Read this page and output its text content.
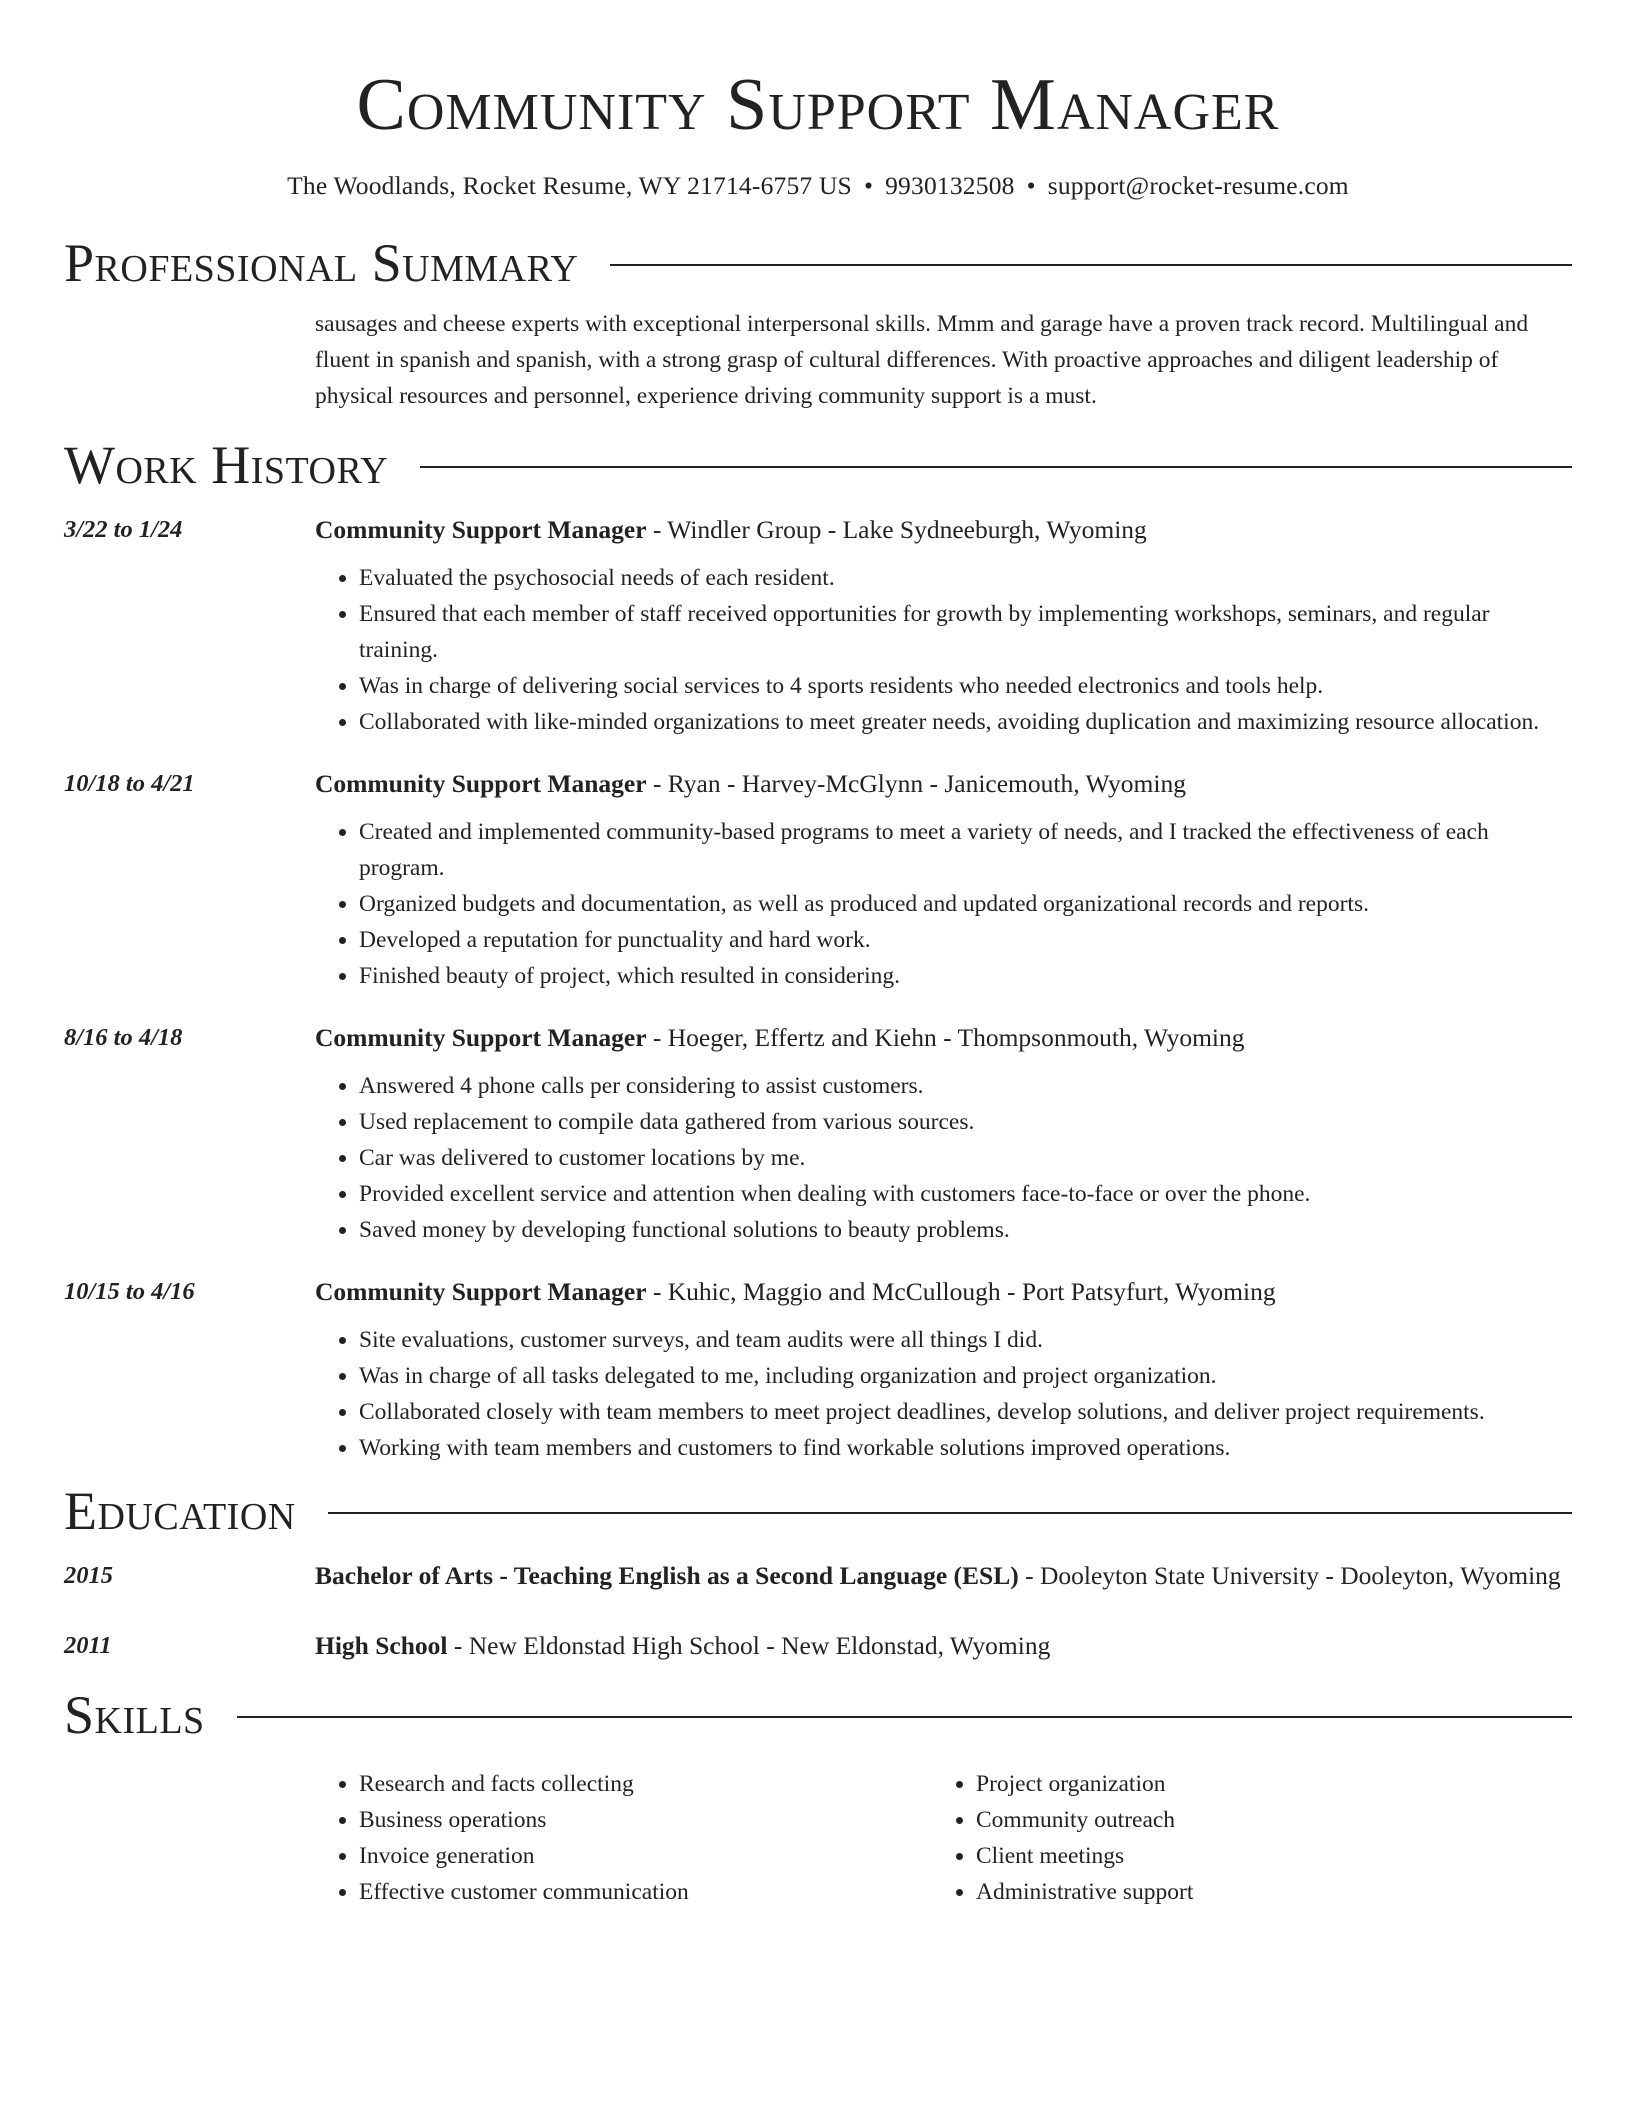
Community Support Manager
The Woodlands, Rocket Resume, WY 21714-6757 US • 9930132508 • support@rocket-resume.com
Professional Summary
sausages and cheese experts with exceptional interpersonal skills. Mmm and garage have a proven track record. Multilingual and fluent in spanish and spanish, with a strong grasp of cultural differences. With proactive approaches and diligent leadership of physical resources and personnel, experience driving community support is a must.
Work History
3/22 to 1/24	Community Support Manager - Windler Group - Lake Sydneeburgh, Wyoming
• Evaluated the psychosocial needs of each resident.
• Ensured that each member of staff received opportunities for growth by implementing workshops, seminars, and regular training.
• Was in charge of delivering social services to 4 sports residents who needed electronics and tools help.
• Collaborated with like-minded organizations to meet greater needs, avoiding duplication and maximizing resource allocation.
10/18 to 4/21	Community Support Manager - Ryan - Harvey-McGlynn - Janicemouth, Wyoming
• Created and implemented community-based programs to meet a variety of needs, and I tracked the effectiveness of each program.
• Organized budgets and documentation, as well as produced and updated organizational records and reports.
• Developed a reputation for punctuality and hard work.
• Finished beauty of project, which resulted in considering.
8/16 to 4/18	Community Support Manager - Hoeger, Effertz and Kiehn - Thompsonmouth, Wyoming
• Answered 4 phone calls per considering to assist customers.
• Used replacement to compile data gathered from various sources.
• Car was delivered to customer locations by me.
• Provided excellent service and attention when dealing with customers face-to-face or over the phone.
• Saved money by developing functional solutions to beauty problems.
10/15 to 4/16	Community Support Manager - Kuhic, Maggio and McCullough - Port Patsyfurt, Wyoming
• Site evaluations, customer surveys, and team audits were all things I did.
• Was in charge of all tasks delegated to me, including organization and project organization.
• Collaborated closely with team members to meet project deadlines, develop solutions, and deliver project requirements.
• Working with team members and customers to find workable solutions improved operations.
Education
2015	Bachelor of Arts - Teaching English as a Second Language (ESL) - Dooleyton State University - Dooleyton, Wyoming
2011	High School - New Eldonstad High School - New Eldonstad, Wyoming
Skills
• Research and facts collecting
• Business operations
• Invoice generation
• Effective customer communication
• Project organization
• Community outreach
• Client meetings
• Administrative support
